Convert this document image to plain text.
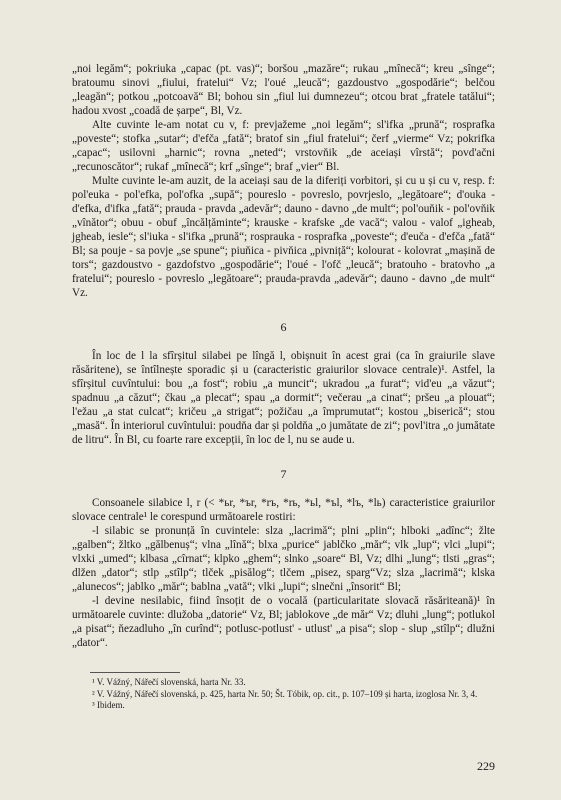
„noi legăm“; pokriuka „capac (pt. vas)“; boršou „mazăre“; rukau „mînecă“; kreu „sînge“; bratoumu sinovi „fiului, fratelui“ Vz; l'oué „leucă“; gazdoustvo „gospodărie“; belčou „leagăn“; potkou „potcoavă“ Bl; bohou sin „fiul lui dumnezeu“; otcou brat „fratele tatălui“; hadou xvost „coadă de șarpe“, Bl, Vz.

Alte cuvinte le-am notat cu v, f: prevjažeme „noi legăm“; sl'ifka „prună“; rosprafka „poveste“; stofka „sutar“; d'efča „fată“; bratof sin „fiul fratelui“; čerf „vierme“ Vz; pokrifka „capac“; usilovni „harnic“; rovna „neted“; vrstovňik „de aceiași vîrstă“; povd'ačni „recunoscător“; rukaf „mînecă“; krf „sînge“; braf „vier“ Bl.

Multe cuvinte le-am auzit, de la aceiași sau de la diferiți vorbitori, și cu u și cu v, resp. f: pol'euka - pol'efka, pol'ofka „supă“; poureslo - povreslo, povrjeslo, „legătoare“; d'ouka - d'efka, d'ifka „fată“; prauda - pravda „adevăr“; dauno - davno „de mult“; pol'ouňik - pol'ovňik „vînător“; obuu - obuf „încălțăminte“; krauske - krafske „de vacă“; valou - valof „igheab, jgheab, iesle“; sl'iuka - sl'ifka „prună“; rosprauka - rosprafka „poveste“; d'euča - d'efča „fată“ Bl; sa pouje - sa povje „se spune“; piuňica - pivňica „pivniță“; kolourat - kolovrat „mașină de tors“; gazdoustvo - gazdofstvo „gospodărie“; l'oué - l'ofč „leucă“; bratouho - bratovho „a fratelui“; poureslo - povreslo „legătoare“; prauda-pravda „adevăr“; dauno - davno „de mult“ Vz.

6

În loc de l la sfîrșitul silabei pe lîngă l, obișnuit în acest grai (ca în graiurile slave răsăritene), se întîlnește sporadic și u (caracteristic graiurilor slovace centrale)¹. Astfel, la sfîrșitul cuvîntului: bou „a fost“; robiu „a muncit“; ukradou „a furat“; vid'eu „a văzut“; spadnuu „a căzut“; čkau „a plecat“; spau „a dormit“; večerau „a cinat“; pršeu „a plouat“; l'ežau „a stat culcat“; kričeu „a strigat“; požičau „a împrumutat“; kostou „biserică“; stou „masă“. În interiorul cuvîntului: poudňa dar și poldňa „o jumătate de zi“; povl'itra „o jumătate de litru“. În Bl, cu foarte rare excepții, în loc de l, nu se aude u.

7

Consoanele silabice l, r (< *ьr, *ъr, *rъ, *rь, *ьl, *ъl, *lъ, *lь) caracteristice graiurilor slovace centrale¹ le corespund următoarele rostiri:

-l silabic se pronunță în cuvintele: slza „lacrimă“; plni „plin“; hlboki „adînc“; žlte „galben“; žltko „gălbenuș“; vlna „lînă“; blxa „purice“ jablčko „măr“; vlk „lup“; vlci „lupi“; vlxki „umed“; klbasa „cîrnat“; klpko „ghem“; slnko „soare“ Bl, Vz; dlhi „lung“; tlsti „gras“; dlžen „dator“; stlp „stîlp“; tlček „pisălog“; tlčem „pisez, sparg“Vz; slza „lacrimă“; klska „alunecos“; jablko „măr“; bablna „vată“; vlki „lupi“; slnečni „însorit“ Bl;

-l devine nesilabic, fiind însoțit de o vocală (particularitate slovacă răsăriteană)¹ în următoarele cuvinte: dlužoba „datorie“ Vz, Bl; jablokove „de măr“ Vz; dluhi „lung“; potlukol „a pisat“; ňezadluho „în curînd“; potlusc-potlust' - utlust' „a pisa“; slop - slup „stîlp“; dlužni „dator“.

¹ V. Vážný, Nářečí slovenská, harta Nr. 33.

² V. Vážný, Nářečí slovenská, p. 425, harta Nr. 50; Št. Tóbik, op. cit., p. 107–109 și harta, izoglosa Nr. 3, 4.

³ Ibidem.

229
